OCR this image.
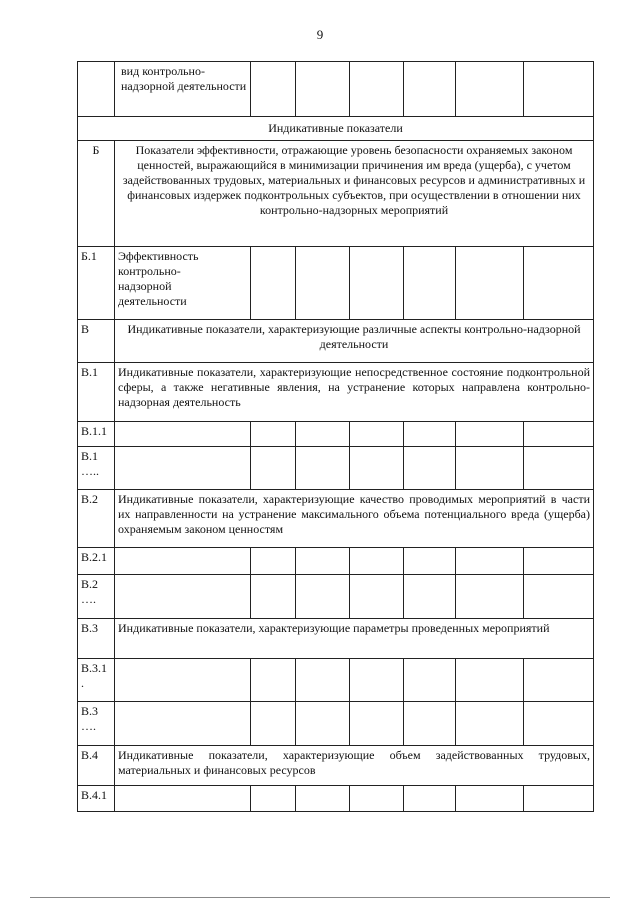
9
	вид контрольно-надзорной деятельности						
Индикативные показатели							
Б	Показатели эффективности, отражающие уровень безопасности охраняемых законом ценностей, выражающийся в минимизации причинения им вреда (ущерба), с учетом задействованных трудовых, материальных и финансовых ресурсов и административных и финансовых издержек подконтрольных субъектов, при осуществлении в отношении них контрольно-надзорных мероприятий						
Б.1	Эффективность контрольно-надзорной деятельности						
В	Индикативные показатели, характеризующие различные аспекты контрольно-надзорной деятельности						
В.1	Индикативные показатели, характеризующие непосредственное состояние подконтрольной сферы, а также негативные явления, на устранение которых направлена контрольно-надзорная деятельность						
В.1.1							
В.1 …..							
В.2	Индикативные показатели, характеризующие качество проводимых мероприятий в части их направленности на устранение максимального объема потенциального вреда (ущерба) охраняемым законом ценностям						
В.2.1							
В.2 ….							
В.3	Индикативные показатели, характеризующие параметры проведенных мероприятий						
В.3.1 .							
В.3 ….							
В.4	Индикативные показатели, характеризующие объем задействованных трудовых, материальных и финансовых ресурсов						
В.4.1							
